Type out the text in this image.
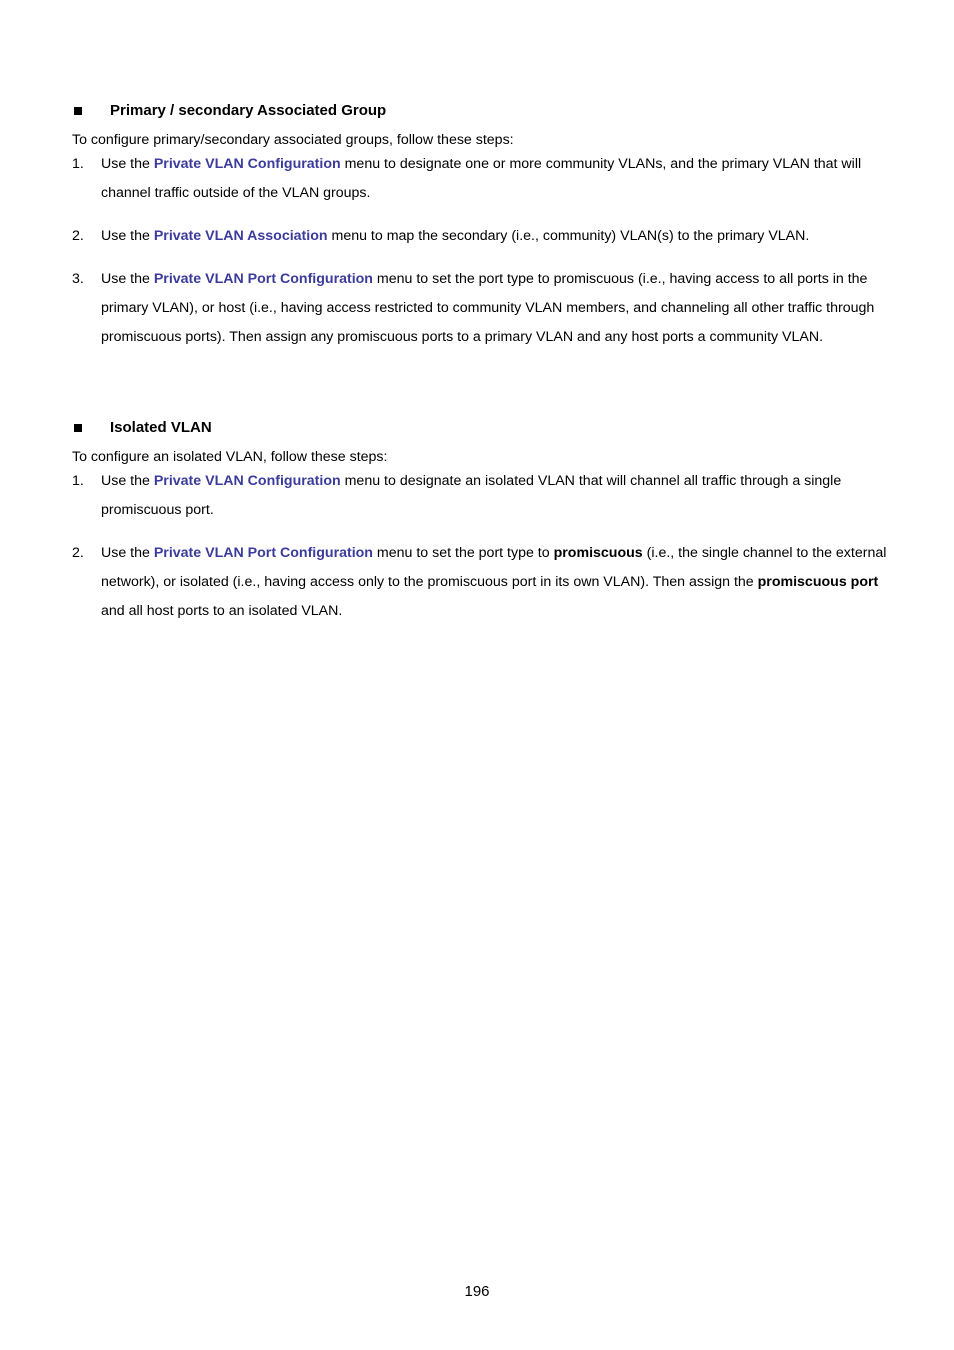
Primary / secondary Associated Group
To configure primary/secondary associated groups, follow these steps:
1. Use the Private VLAN Configuration menu to designate one or more community VLANs, and the primary VLAN that will channel traffic outside of the VLAN groups.
2. Use the Private VLAN Association menu to map the secondary (i.e., community) VLAN(s) to the primary VLAN.
3. Use the Private VLAN Port Configuration menu to set the port type to promiscuous (i.e., having access to all ports in the primary VLAN), or host (i.e., having access restricted to community VLAN members, and channeling all other traffic through promiscuous ports). Then assign any promiscuous ports to a primary VLAN and any host ports a community VLAN.
Isolated VLAN
To configure an isolated VLAN, follow these steps:
1. Use the Private VLAN Configuration menu to designate an isolated VLAN that will channel all traffic through a single promiscuous port.
2. Use the Private VLAN Port Configuration menu to set the port type to promiscuous (i.e., the single channel to the external network), or isolated (i.e., having access only to the promiscuous port in its own VLAN). Then assign the promiscuous port and all host ports to an isolated VLAN.
196
